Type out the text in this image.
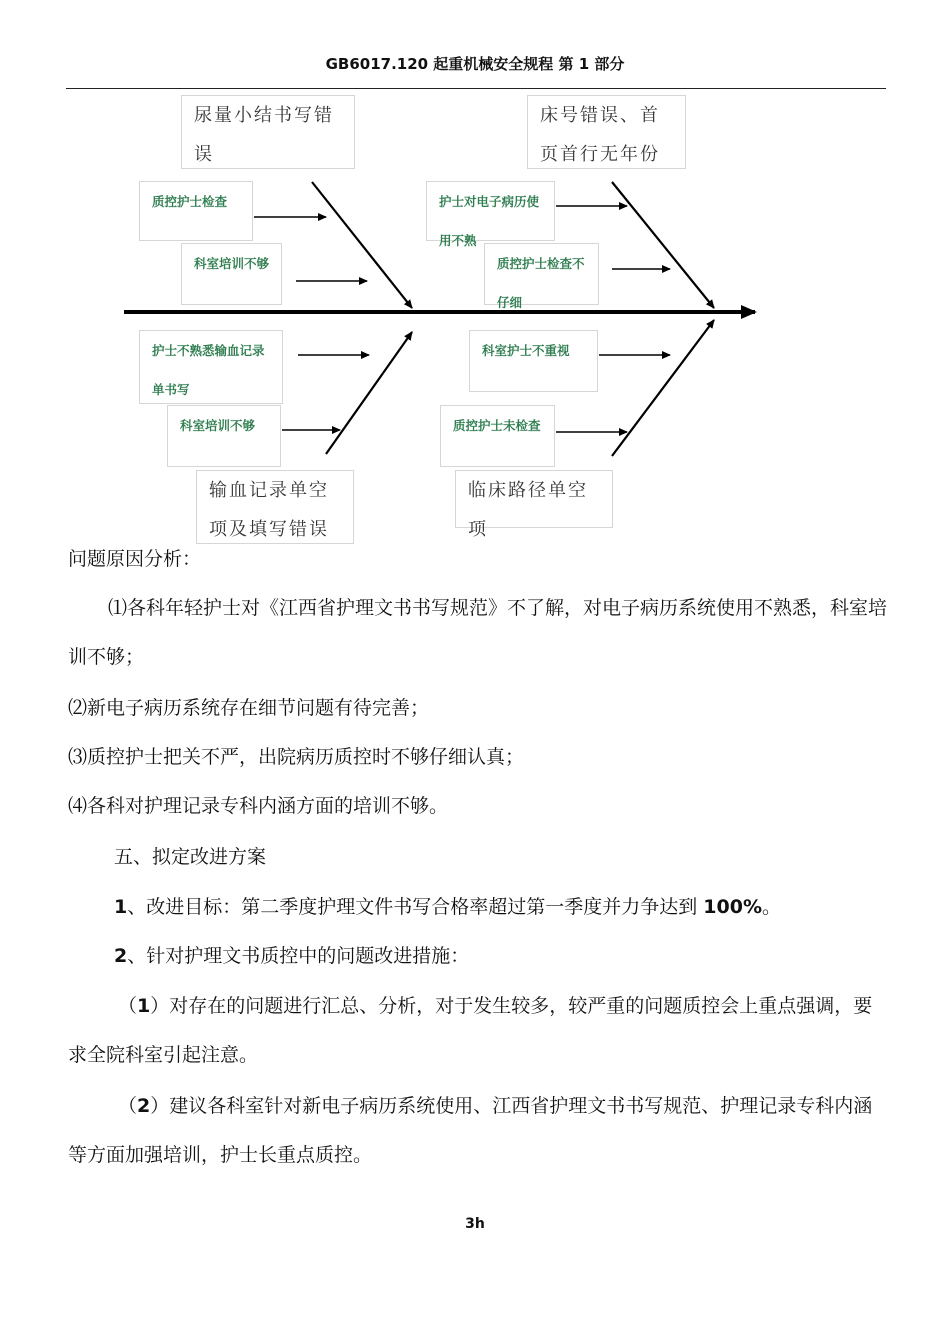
GB6017.120 起重机械安全规程 第 1 部分
尿量小结书写错误
床号错误、首页首行无年份
质控护士检查
科室培训不够
护士对电子病历使用不熟
质控护士检查不仔细
护士不熟悉输血记录单书写
科室培训不够
科室护士不重视
质控护士未检查
输血记录单空项及填写错误
临床路径单空项

问题原因分析：

⑴各科年轻护士对《江西省护理文书书写规范》不了解，对电子病历系统使用不熟悉，科室培训不够；

⑵新电子病历系统存在细节问题有待完善；

⑶质控护士把关不严，出院病历质控时不够仔细认真；

⑷各科对护理记录专科内涵方面的培训不够。

五、拟定改进方案

1、改进目标：第二季度护理文件书写合格率超过第一季度并力争达到 100%。

2、针对护理文书质控中的问题改进措施：

（1）对存在的问题进行汇总、分析，对于发生较多，较严重的问题质控会上重点强调，要求全院科室引起注意。

（2）建议各科室针对新电子病历系统使用、江西省护理文书书写规范、护理记录专科内涵等方面加强培训，护士长重点质控。

3h
